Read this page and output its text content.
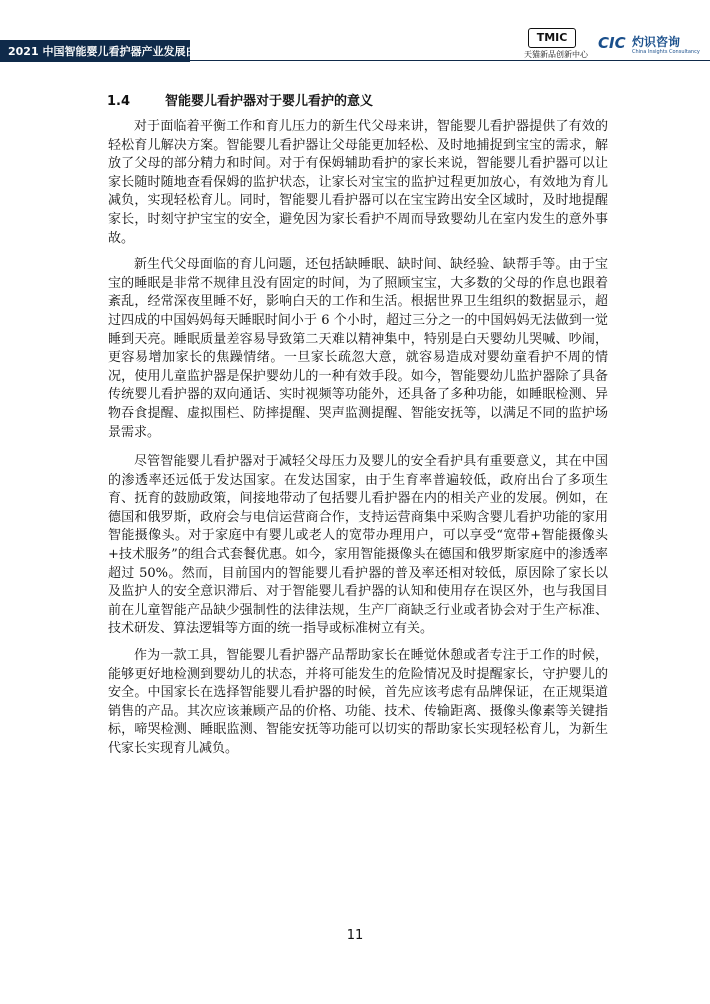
2021 中国智能婴儿看护器产业发展白皮书
TMIC
天猫新品创新中心
CIC 灼识咨询
China Insights Consultancy
1.4	智能婴儿看护器对于婴儿看护的意义

对于面临着平衡工作和育儿压力的新生代父母来讲，智能婴儿看护器提供了有效的轻松育儿解决方案。智能婴儿看护器让父母能更加轻松、及时地捕捉到宝宝的需求，解放了父母的部分精力和时间。对于有保姆辅助看护的家长来说，智能婴儿看护器可以让家长随时随地查看保姆的监护状态，让家长对宝宝的监护过程更加放心，有效地为育儿减负，实现轻松育儿。同时，智能婴儿看护器可以在宝宝跨出安全区域时，及时地提醒家长，时刻守护宝宝的安全，避免因为家长看护不周而导致婴幼儿在室内发生的意外事故。

新生代父母面临的育儿问题，还包括缺睡眠、缺时间、缺经验、缺帮手等。由于宝宝的睡眠是非常不规律且没有固定的时间，为了照顾宝宝，大多数的父母的作息也跟着紊乱，经常深夜里睡不好，影响白天的工作和生活。根据世界卫生组织的数据显示，超过四成的中国妈妈每天睡眠时间小于 6 个小时，超过三分之一的中国妈妈无法做到一觉睡到天亮。睡眠质量差容易导致第二天难以精神集中，特别是白天婴幼儿哭喊、吵闹，更容易增加家长的焦躁情绪。一旦家长疏忽大意，就容易造成对婴幼童看护不周的情况，使用儿童监护器是保护婴幼儿的一种有效手段。如今，智能婴幼儿监护器除了具备传统婴儿看护器的双向通话、实时视频等功能外，还具备了多种功能，如睡眠检测、异物吞食提醒、虚拟围栏、防摔提醒、哭声监测提醒、智能安抚等，以满足不同的监护场景需求。

尽管智能婴儿看护器对于减轻父母压力及婴儿的安全看护具有重要意义，其在中国的渗透率还远低于发达国家。在发达国家，由于生育率普遍较低，政府出台了多项生育、抚育的鼓励政策，间接地带动了包括婴儿看护器在内的相关产业的发展。例如，在德国和俄罗斯，政府会与电信运营商合作，支持运营商集中采购含婴儿看护功能的家用智能摄像头。对于家庭中有婴儿或老人的宽带办理用户，可以享受“宽带+智能摄像头+技术服务”的组合式套餐优惠。如今，家用智能摄像头在德国和俄罗斯家庭中的渗透率超过 50%。然而，目前国内的智能婴儿看护器的普及率还相对较低，原因除了家长以及监护人的安全意识滞后、对于智能婴儿看护器的认知和使用存在误区外，也与我国目前在儿童智能产品缺少强制性的法律法规，生产厂商缺乏行业或者协会对于生产标准、技术研发、算法逻辑等方面的统一指导或标准树立有关。

作为一款工具，智能婴儿看护器产品帮助家长在睡觉休憩或者专注于工作的时候，能够更好地检测到婴幼儿的状态，并将可能发生的危险情况及时提醒家长，守护婴儿的安全。中国家长在选择智能婴儿看护器的时候，首先应该考虑有品牌保证，在正规渠道销售的产品。其次应该兼顾产品的价格、功能、技术、传输距离、摄像头像素等关键指标，啼哭检测、睡眠监测、智能安抚等功能可以切实的帮助家长实现轻松育儿，为新生代家长实现育儿减负。

11
